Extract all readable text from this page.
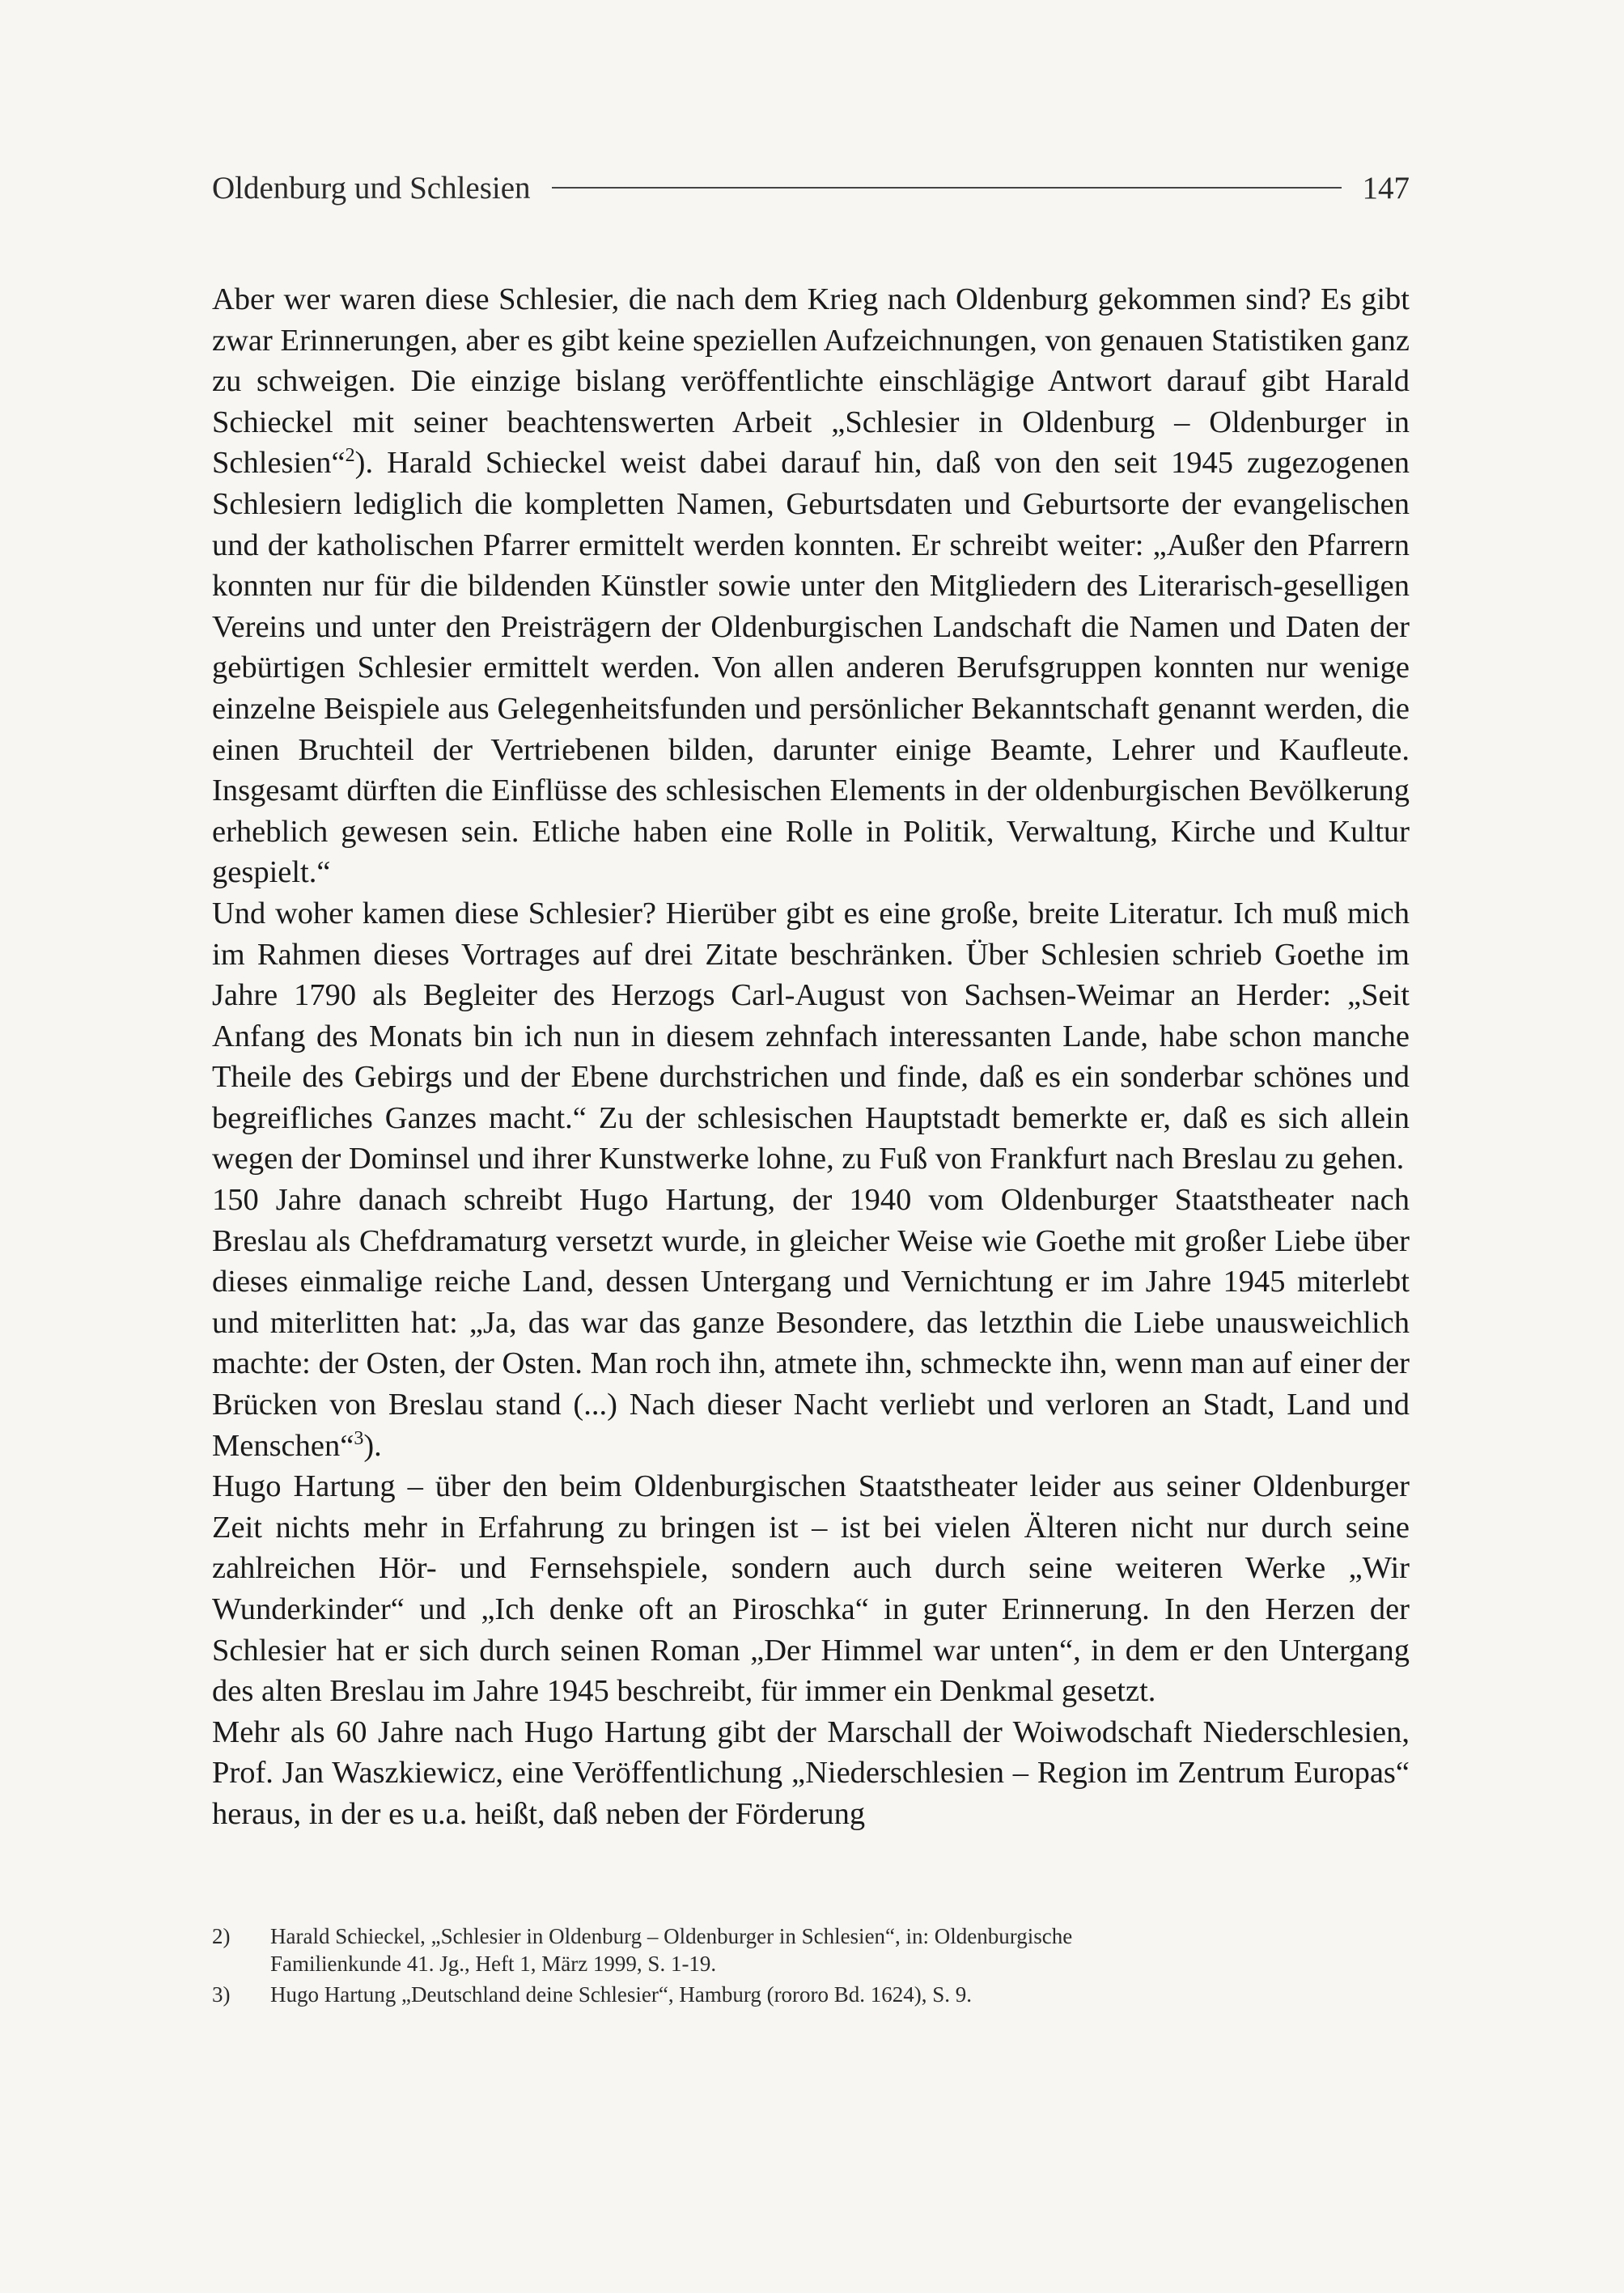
Oldenburg und Schlesien	147

Aber wer waren diese Schlesier, die nach dem Krieg nach Oldenburg gekommen sind? Es gibt zwar Erinnerungen, aber es gibt keine speziellen Aufzeichnungen, von genauen Statistiken ganz zu schweigen. Die einzige bislang veröffentlichte einschlägige Antwort darauf gibt Harald Schieckel mit seiner beachtenswerten Arbeit „Schlesier in Oldenburg – Oldenburger in Schlesien“$^2$). Harald Schieckel weist dabei darauf hin, daß von den seit 1945 zugezogenen Schlesiern lediglich die kompletten Namen, Geburtsdaten und Geburtsorte der evangelischen und der katholischen Pfarrer ermittelt werden konnten. Er schreibt weiter: „Außer den Pfarrern konnten nur für die bildenden Künstler sowie unter den Mitgliedern des Literarisch-geselligen Vereins und unter den Preisträgern der Oldenburgischen Landschaft die Namen und Daten der gebürtigen Schlesier ermittelt werden. Von allen anderen Berufsgruppen konnten nur wenige einzelne Beispiele aus Gelegenheitsfunden und persönlicher Bekanntschaft genannt werden, die einen Bruchteil der Vertriebenen bilden, darunter einige Beamte, Lehrer und Kaufleute. Insgesamt dürften die Einflüsse des schlesischen Elements in der oldenburgischen Bevölkerung erheblich gewesen sein. Etliche haben eine Rolle in Politik, Verwaltung, Kirche und Kultur gespielt.“

Und woher kamen diese Schlesier? Hierüber gibt es eine große, breite Literatur. Ich muß mich im Rahmen dieses Vortrages auf drei Zitate beschränken. Über Schlesien schrieb Goethe im Jahre 1790 als Begleiter des Herzogs Carl-August von Sachsen-Weimar an Herder: „Seit Anfang des Monats bin ich nun in diesem zehnfach interessanten Lande, habe schon manche Theile des Gebirgs und der Ebene durchstrichen und finde, daß es ein sonderbar schönes und begreifliches Ganzes macht.“ Zu der schlesischen Hauptstadt bemerkte er, daß es sich allein wegen der Dominsel und ihrer Kunstwerke lohne, zu Fuß von Frankfurt nach Breslau zu gehen.

150 Jahre danach schreibt Hugo Hartung, der 1940 vom Oldenburger Staatstheater nach Breslau als Chefdramaturg versetzt wurde, in gleicher Weise wie Goethe mit großer Liebe über dieses einmalige reiche Land, dessen Untergang und Vernichtung er im Jahre 1945 miterlebt und miterlitten hat: „Ja, das war das ganze Besondere, das letzthin die Liebe unausweichlich machte: der Osten, der Osten. Man roch ihn, atmete ihn, schmeckte ihn, wenn man auf einer der Brücken von Breslau stand (...) Nach dieser Nacht verliebt und verloren an Stadt, Land und Menschen“$^3$).

Hugo Hartung – über den beim Oldenburgischen Staatstheater leider aus seiner Oldenburger Zeit nichts mehr in Erfahrung zu bringen ist – ist bei vielen Älteren nicht nur durch seine zahlreichen Hör- und Fernsehspiele, sondern auch durch seine weiteren Werke „Wir Wunderkinder“ und „Ich denke oft an Piroschka“ in guter Erinnerung. In den Herzen der Schlesier hat er sich durch seinen Roman „Der Himmel war unten“, in dem er den Untergang des alten Breslau im Jahre 1945 beschreibt, für immer ein Denkmal gesetzt.

Mehr als 60 Jahre nach Hugo Hartung gibt der Marschall der Woiwodschaft Niederschlesien, Prof. Jan Waszkiewicz, eine Veröffentlichung „Niederschlesien – Region im Zentrum Europas“ heraus, in der es u.a. heißt, daß neben der Förderung

2)	Harald Schieckel, „Schlesier in Oldenburg – Oldenburger in Schlesien“, in: Oldenburgische Familienkunde 41. Jg., Heft 1, März 1999, S. 1-19.
3)	Hugo Hartung „Deutschland deine Schlesier“, Hamburg (rororo Bd. 1624), S. 9.
